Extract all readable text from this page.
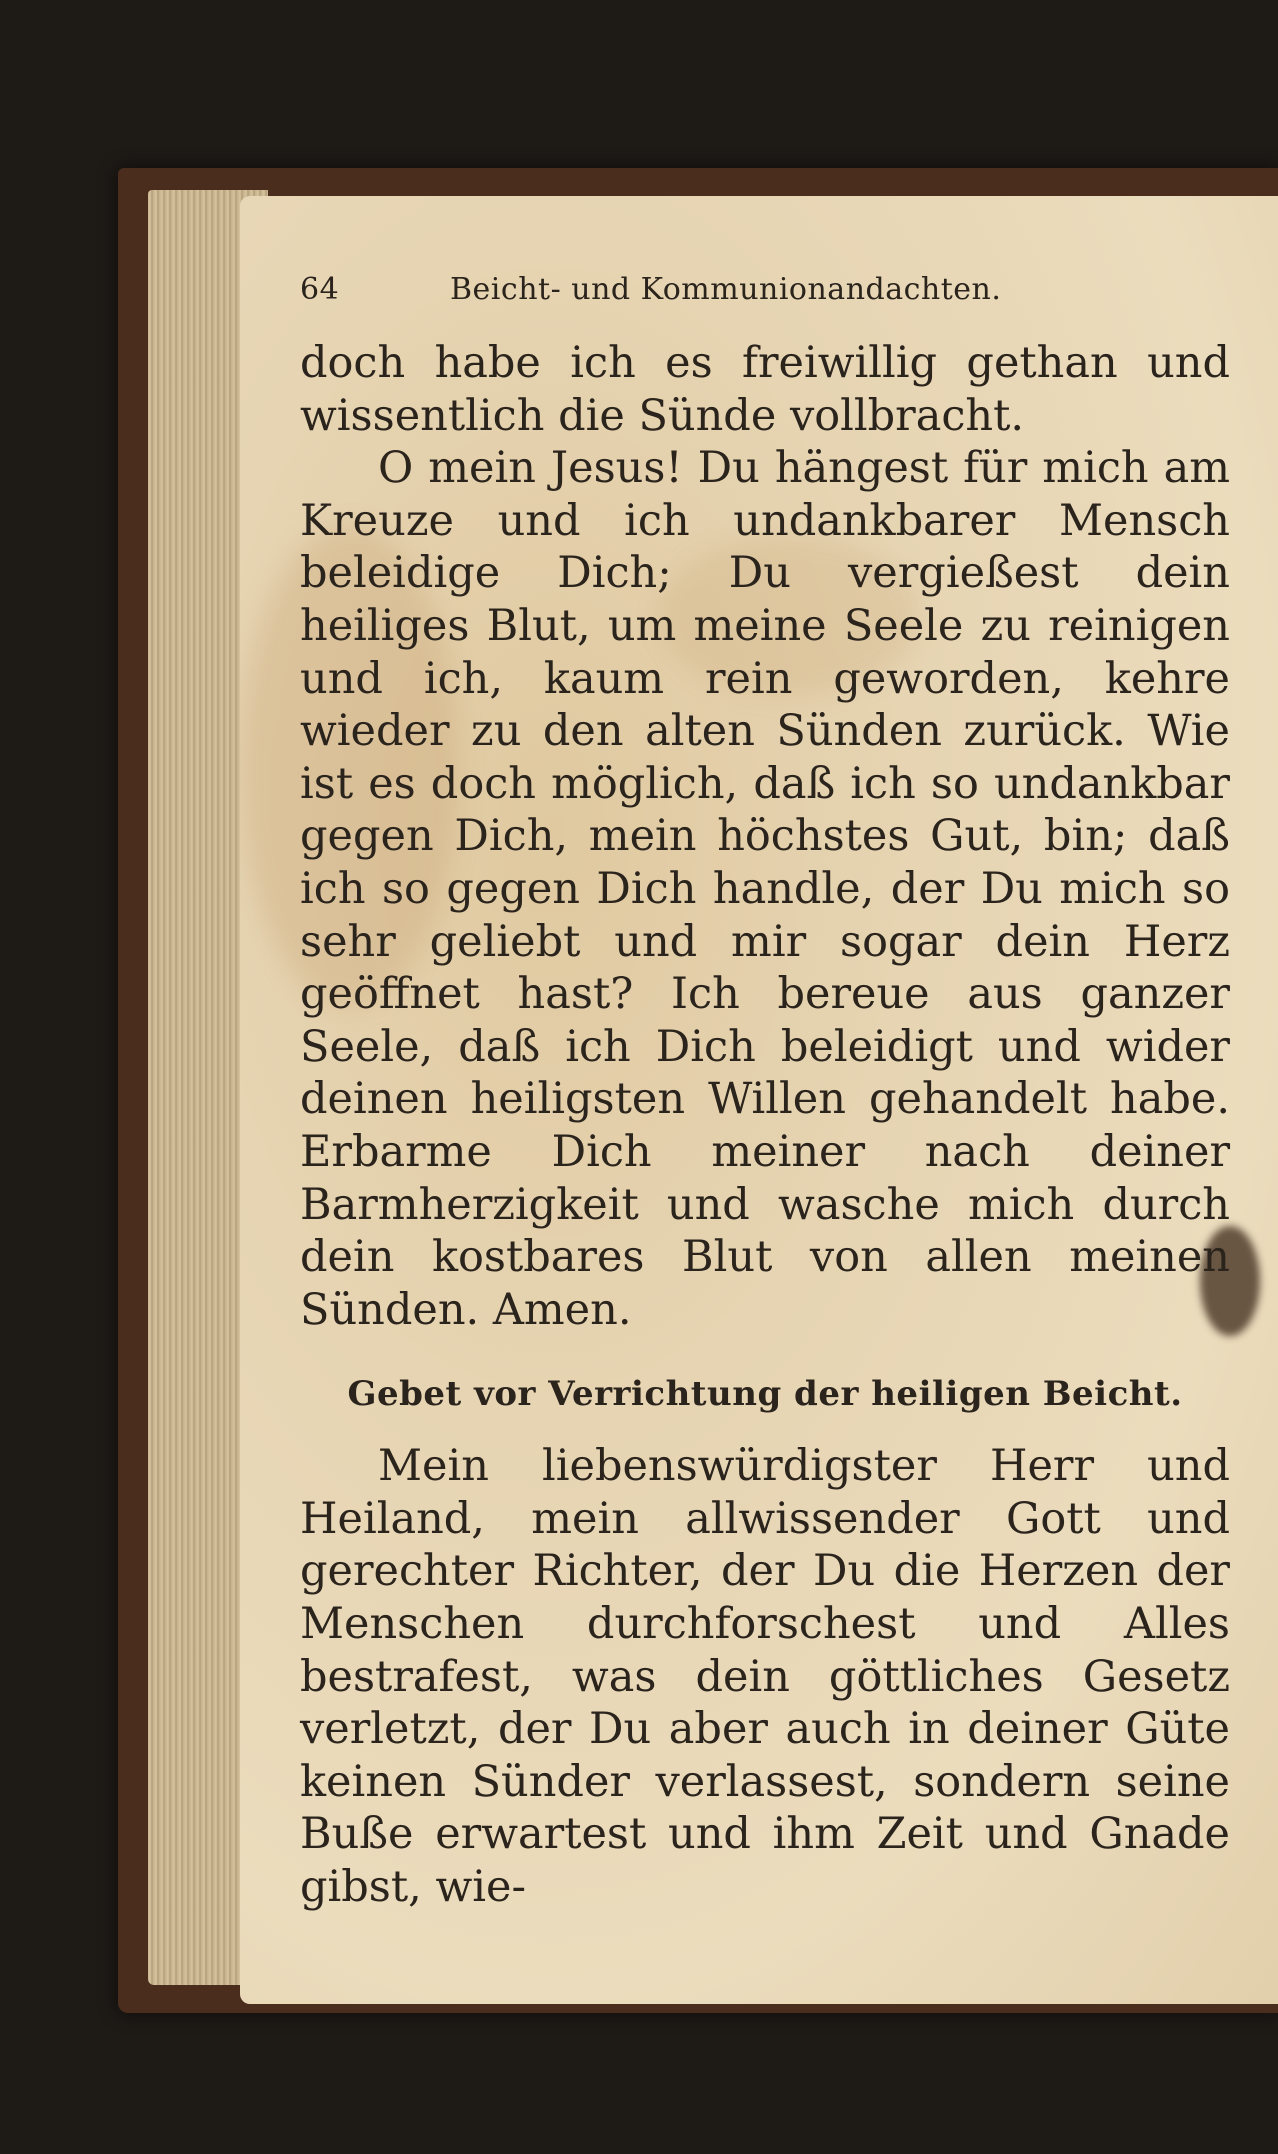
64	Beicht- und Kommunionandachten.

doch habe ich es freiwillig gethan und wissentlich die Sünde vollbracht.

O mein Jesus! Du hängest für mich am Kreuze und ich undankbarer Mensch beleidige Dich; Du vergießest dein heiliges Blut, um meine Seele zu reinigen und ich, kaum rein geworden, kehre wieder zu den alten Sünden zurück. Wie ist es doch möglich, daß ich so undankbar gegen Dich, mein höchstes Gut, bin; daß ich so gegen Dich handle, der Du mich so sehr geliebt und mir sogar dein Herz geöffnet hast? Ich bereue aus ganzer Seele, daß ich Dich beleidigt und wider deinen heiligsten Willen gehandelt habe. Erbarme Dich meiner nach deiner Barmherzigkeit und wasche mich durch dein kostbares Blut von allen meinen Sünden. Amen.

Gebet vor Verrichtung der heiligen Beicht.

Mein liebenswürdigster Herr und Heiland, mein allwissender Gott und gerechter Richter, der Du die Herzen der Menschen durchforschest und Alles bestrafest, was dein göttliches Gesetz verletzt, der Du aber auch in deiner Güte keinen Sünder verlassest, sondern seine Buße erwartest und ihm Zeit und Gnade gibst, wie-
